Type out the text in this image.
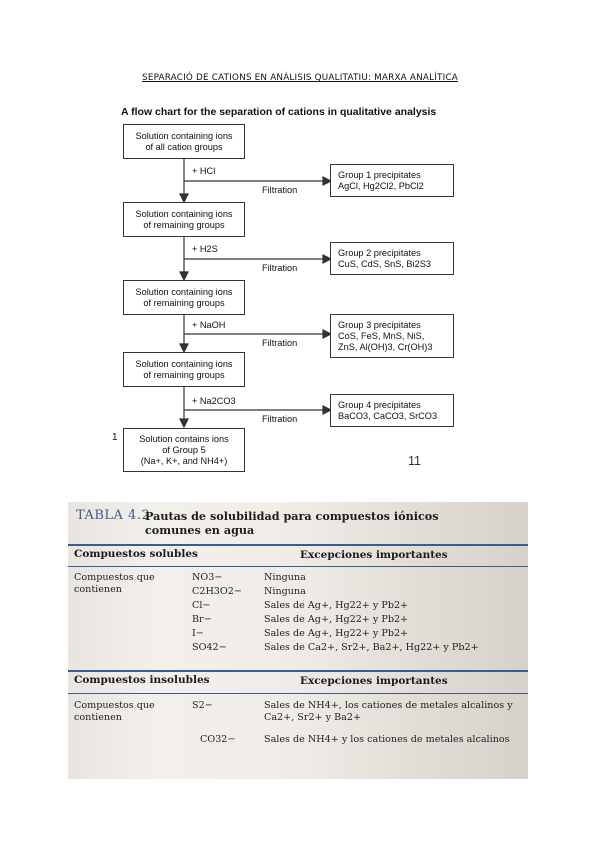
SEPARACIÓ DE CATIONS EN ANÀLISIS QUALITATIU: MARXA ANALÍTICA
A flow chart for the separation of cations in qualitative analysis
Solution containing ions
of all cation groups
Solution containing ions
of remaining groups
Solution containing ions
of remaining groups
Solution containing ions
of remaining groups
Solution contains ions
of Group 5
(Na+, K+, and NH4+)
+ HCl
+ H2S
+ NaOH
+ Na2CO3
Filtration
Filtration
Filtration
Filtration
Group 1 precipitates
AgCl, Hg2Cl2, PbCl2
Group 2 precipitates
CuS, CdS, SnS, Bi2S3
Group 3 precipitates
CoS, FeS, MnS, NiS,
ZnS, Al(OH)3, Cr(OH)3
Group 4 precipitates
BaCO3, CaCO3, SrCO3
1
11
TABLA 4.2
Pautas de solubilidad para compuestos iónicos
comunes en agua
Compuestos solubles	Excepciones importantes
Compuestos que
contienen
NO3−	Ninguna
C2H3O2− Ninguna
Cl−	Sales de Ag+, Hg22+ y Pb2+
Br−	Sales de Ag+, Hg22+ y Pb2+
I−	Sales de Ag+, Hg22+ y Pb2+
SO42−	Sales de Ca2+, Sr2+, Ba2+, Hg22+ y Pb2+
Compuestos insolubles	Excepciones importantes
Compuestos que
contienen
S2−	Sales de NH4+, los cationes de metales alcalinos y
Ca2+, Sr2+ y Ba2+
CO32−	Sales de NH4+ y los cationes de metales alcalinos
